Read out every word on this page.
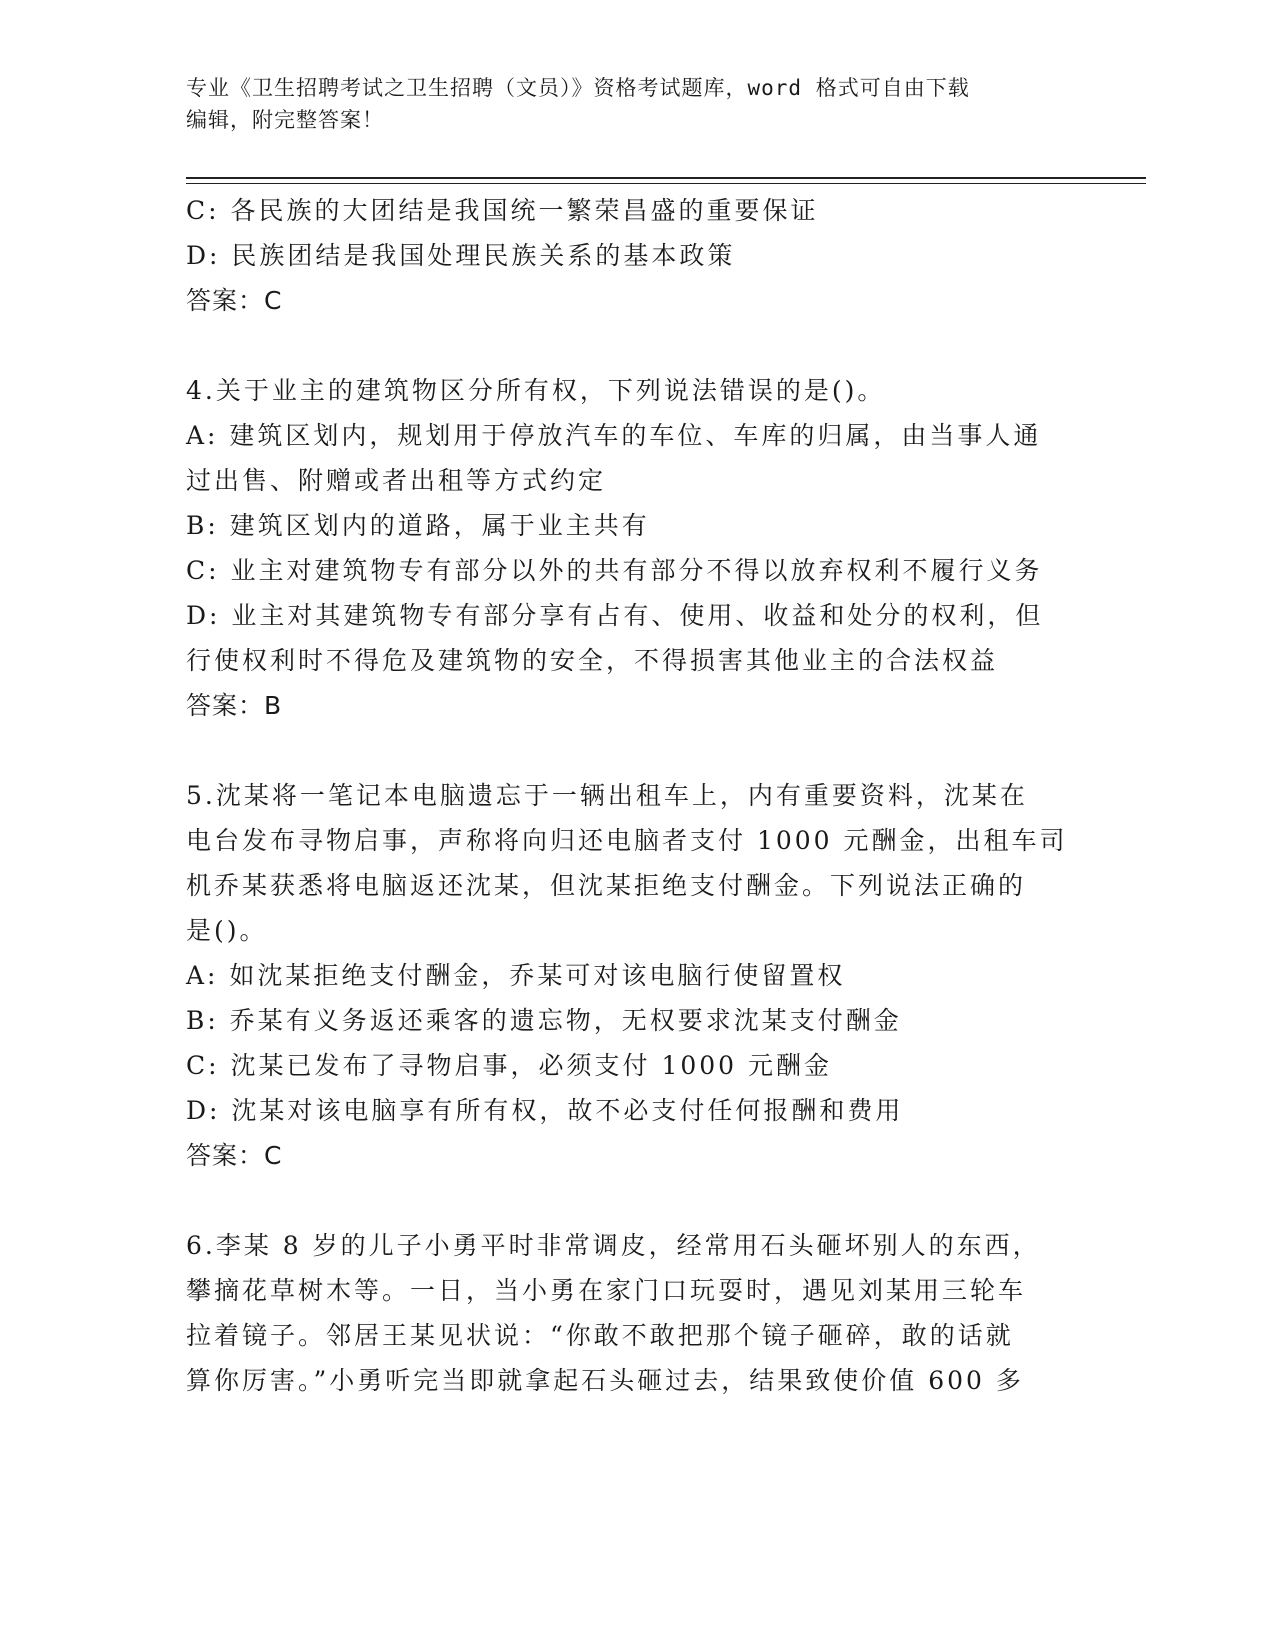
专业《卫生招聘考试之卫生招聘（文员）》资格考试题库，word 格式可自由下载
编辑，附完整答案！
C: 各民族的大团结是我国统一繁荣昌盛的重要保证
D: 民族团结是我国处理民族关系的基本政策
答案：C
4.关于业主的建筑物区分所有权，下列说法错误的是()。
A: 建筑区划内，规划用于停放汽车的车位、车库的归属，由当事人通
过出售、附赠或者出租等方式约定
B: 建筑区划内的道路，属于业主共有
C: 业主对建筑物专有部分以外的共有部分不得以放弃权利不履行义务
D: 业主对其建筑物专有部分享有占有、使用、收益和处分的权利，但
行使权利时不得危及建筑物的安全，不得损害其他业主的合法权益
答案：B
5.沈某将一笔记本电脑遗忘于一辆出租车上，内有重要资料，沈某在
电台发布寻物启事，声称将向归还电脑者支付 1000 元酬金，出租车司
机乔某获悉将电脑返还沈某，但沈某拒绝支付酬金。下列说法正确的
是()。
A: 如沈某拒绝支付酬金，乔某可对该电脑行使留置权
B: 乔某有义务返还乘客的遗忘物，无权要求沈某支付酬金
C: 沈某已发布了寻物启事，必须支付 1000 元酬金
D: 沈某对该电脑享有所有权，故不必支付任何报酬和费用
答案：C
6.李某 8 岁的儿子小勇平时非常调皮，经常用石头砸坏别人的东西，
攀摘花草树木等。一日，当小勇在家门口玩耍时，遇见刘某用三轮车
拉着镜子。邻居王某见状说：“你敢不敢把那个镜子砸碎，敢的话就
算你厉害。”小勇听完当即就拿起石头砸过去，结果致使价值 600 多
